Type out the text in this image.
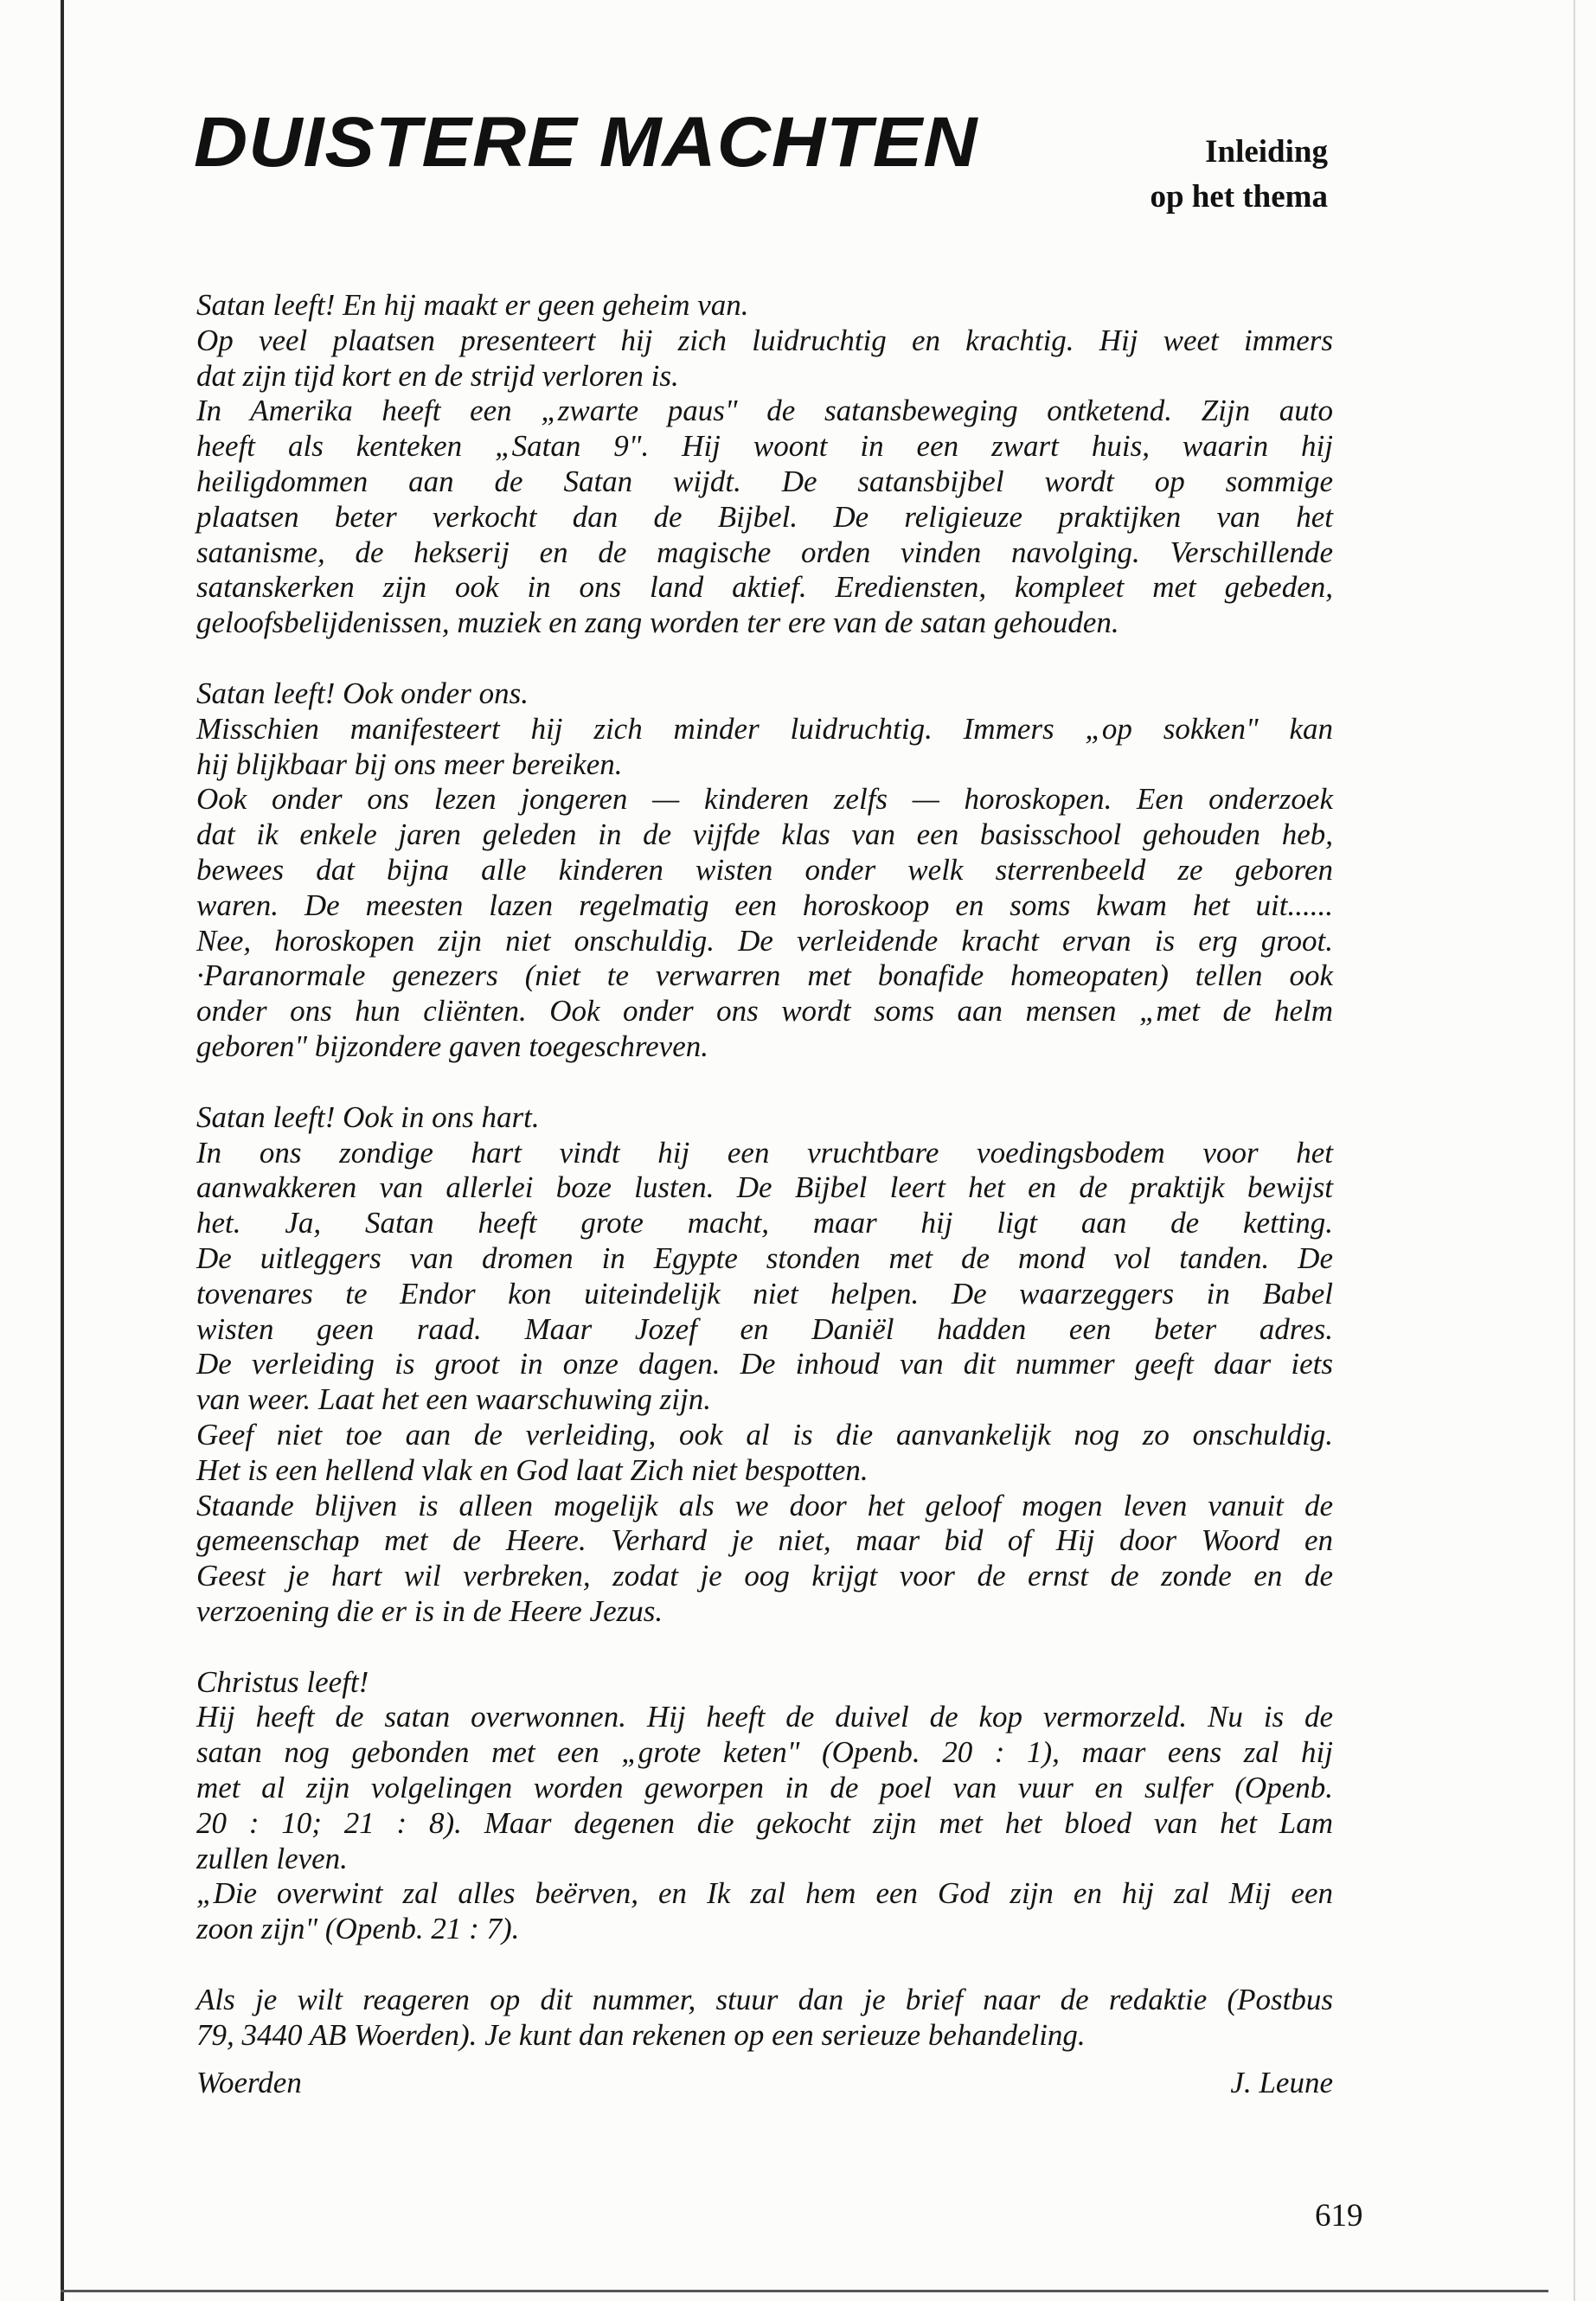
DUISTERE MACHTEN	Inleiding
op het thema
Satan leeft! En hij maakt er geen geheim van.
Op veel plaatsen presenteert hij zich luidruchtig en krachtig. Hij weet immers
dat zijn tijd kort en de strijd verloren is.
In Amerika heeft een „zwarte paus" de satansbeweging ontketend. Zijn auto
heeft als kenteken „Satan 9". Hij woont in een zwart huis, waarin hij
heiligdommen aan de Satan wijdt. De satansbijbel wordt op sommige
plaatsen beter verkocht dan de Bijbel. De religieuze praktijken van het
satanisme, de hekserij en de magische orden vinden navolging. Verschillende
satanskerken zijn ook in ons land aktief. Erediensten, kompleet met gebeden,
geloofsbelijdenissen, muziek en zang worden ter ere van de satan gehouden.
Satan leeft! Ook onder ons.
Misschien manifesteert hij zich minder luidruchtig. Immers „op sokken" kan
hij blijkbaar bij ons meer bereiken.
Ook onder ons lezen jongeren — kinderen zelfs — horoskopen. Een onderzoek
dat ik enkele jaren geleden in de vijfde klas van een basisschool gehouden heb,
bewees dat bijna alle kinderen wisten onder welk sterrenbeeld ze geboren
waren. De meesten lazen regelmatig een horoskoop en soms kwam het uit......
Nee, horoskopen zijn niet onschuldig. De verleidende kracht ervan is erg groot.
·Paranormale genezers (niet te verwarren met bonafide homeopaten) tellen ook
onder ons hun cliënten. Ook onder ons wordt soms aan mensen „met de helm
geboren" bijzondere gaven toegeschreven.
Satan leeft! Ook in ons hart.
In ons zondige hart vindt hij een vruchtbare voedingsbodem voor het
aanwakkeren van allerlei boze lusten. De Bijbel leert het en de praktijk bewijst
het. Ja, Satan heeft grote macht, maar hij ligt aan de ketting.
De uitleggers van dromen in Egypte stonden met de mond vol tanden. De
tovenares te Endor kon uiteindelijk niet helpen. De waarzeggers in Babel
wisten geen raad. Maar Jozef en Daniël hadden een beter adres.
De verleiding is groot in onze dagen. De inhoud van dit nummer geeft daar iets
van weer. Laat het een waarschuwing zijn.
Geef niet toe aan de verleiding, ook al is die aanvankelijk nog zo onschuldig.
Het is een hellend vlak en God laat Zich niet bespotten.
Staande blijven is alleen mogelijk als we door het geloof mogen leven vanuit de
gemeenschap met de Heere. Verhard je niet, maar bid of Hij door Woord en
Geest je hart wil verbreken, zodat je oog krijgt voor de ernst de zonde en de
verzoening die er is in de Heere Jezus.
Christus leeft!
Hij heeft de satan overwonnen. Hij heeft de duivel de kop vermorzeld. Nu is de
satan nog gebonden met een „grote keten" (Openb. 20 : 1), maar eens zal hij
met al zijn volgelingen worden geworpen in de poel van vuur en sulfer (Openb.
20 : 10; 21 : 8). Maar degenen die gekocht zijn met het bloed van het Lam
zullen leven.
„Die overwint zal alles beërven, en Ik zal hem een God zijn en hij zal Mij een
zoon zijn" (Openb. 21 : 7).
Als je wilt reageren op dit nummer, stuur dan je brief naar de redaktie (Postbus
79, 3440 AB Woerden). Je kunt dan rekenen op een serieuze behandeling.
Woerden	J. Leune
619
